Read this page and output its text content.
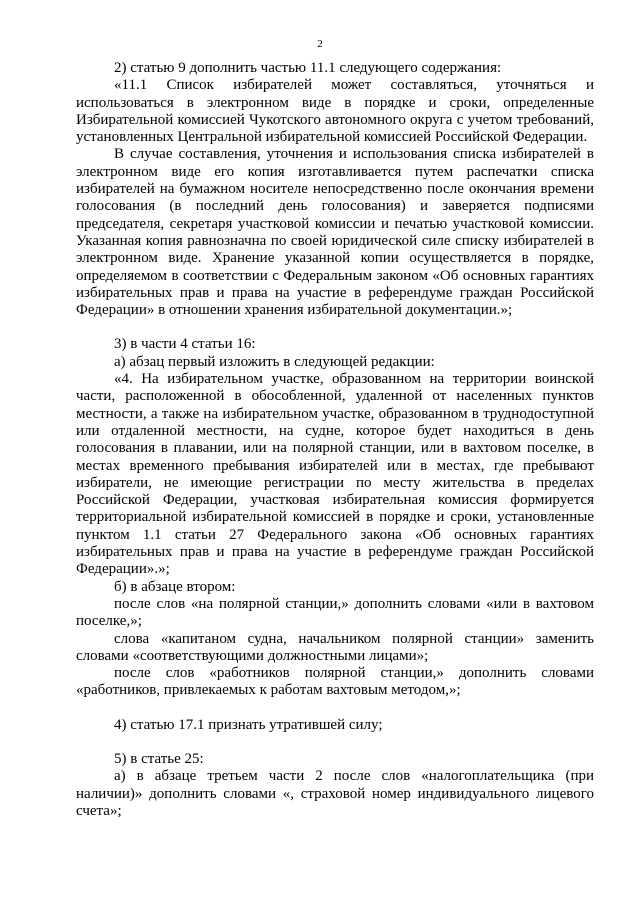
2

2) статью 9 дополнить частью 11.1 следующего содержания:

«11.1 Список избирателей может составляться, уточняться и использоваться в электронном виде в порядке и сроки, определенные Избирательной комиссией Чукотского автономного округа с учетом требований, установленных Центральной избирательной комиссией Российской Федерации.

В случае составления, уточнения и использования списка избирателей в электронном виде его копия изготавливается путем распечатки списка избирателей на бумажном носителе непосредственно после окончания времени голосования (в последний день голосования) и заверяется подписями председателя, секретаря участковой комиссии и печатью участковой комиссии. Указанная копия равнозначна по своей юридической силе списку избирателей в электронном виде. Хранение указанной копии осуществляется в порядке, определяемом в соответствии с Федеральным законом «Об основных гарантиях избирательных прав и права на участие в референдуме граждан Российской Федерации» в отношении хранения избирательной документации.»;

3) в части 4 статьи 16:

а) абзац первый изложить в следующей редакции:

«4. На избирательном участке, образованном на территории воинской части, расположенной в обособленной, удаленной от населенных пунктов местности, а также на избирательном участке, образованном в труднодоступной или отдаленной местности, на судне, которое будет находиться в день голосования в плавании, или на полярной станции, или в вахтовом поселке, в местах временного пребывания избирателей или в местах, где пребывают избиратели, не имеющие регистрации по месту жительства в пределах Российской Федерации, участковая избирательная комиссия формируется территориальной избирательной комиссией в порядке и сроки, установленные пунктом 1.1 статьи 27 Федерального закона «Об основных гарантиях избирательных прав и права на участие в референдуме граждан Российской Федерации».»;

б) в абзаце втором:

после слов «на полярной станции,» дополнить словами «или в вахтовом поселке,»;

слова «капитаном судна, начальником полярной станции» заменить словами «соответствующими должностными лицами»;

после слов «работников полярной станции,» дополнить словами «работников, привлекаемых к работам вахтовым методом,»;

4) статью 17.1 признать утратившей силу;

5) в статье 25:

а) в абзаце третьем части 2 после слов «налогоплательщика (при наличии)» дополнить словами «, страховой номер индивидуального лицевого счета»;
